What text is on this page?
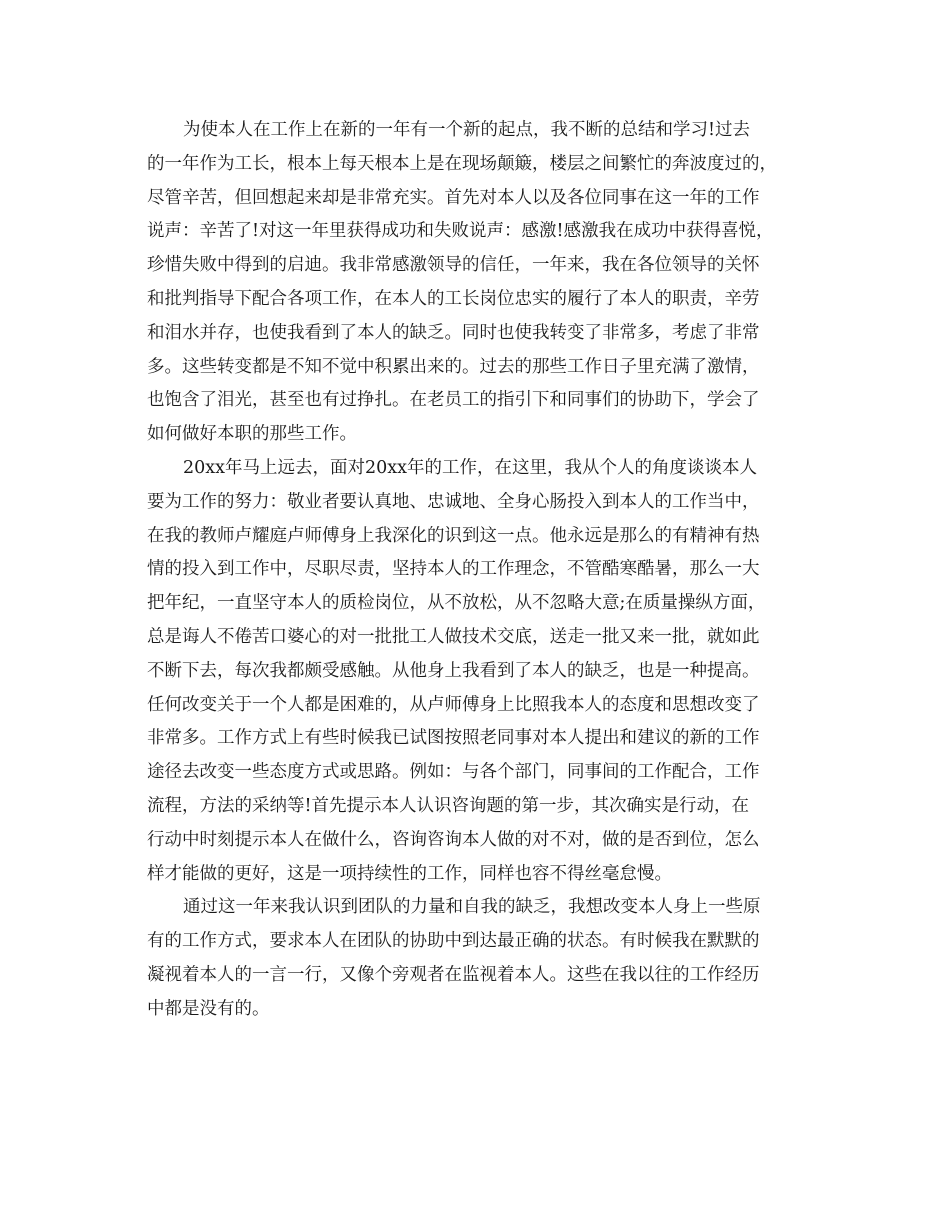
为使本人在工作上在新的一年有一个新的起点，我不断的总结和学习!过去
的一年作为工长，根本上每天根本上是在现场颠簸，楼层之间繁忙的奔波度过的，
尽管辛苦，但回想起来却是非常充实。首先对本人以及各位同事在这一年的工作
说声：辛苦了!对这一年里获得成功和失败说声：感激!感激我在成功中获得喜悦，
珍惜失败中得到的启迪。我非常感激领导的信任，一年来，我在各位领导的关怀
和批判指导下配合各项工作，在本人的工长岗位忠实的履行了本人的职责，辛劳
和泪水并存，也使我看到了本人的缺乏。同时也使我转变了非常多，考虑了非常
多。这些转变都是不知不觉中积累出来的。过去的那些工作日子里充满了激情，
也饱含了泪光，甚至也有过挣扎。在老员工的指引下和同事们的协助下，学会了
如何做好本职的那些工作。
20xx年马上远去，面对20xx年的工作，在这里，我从个人的角度谈谈本人
要为工作的努力：敬业者要认真地、忠诚地、全身心肠投入到本人的工作当中，
在我的教师卢耀庭卢师傅身上我深化的识到这一点。他永远是那么的有精神有热
情的投入到工作中，尽职尽责，坚持本人的工作理念，不管酷寒酷暑，那么一大
把年纪，一直坚守本人的质检岗位，从不放松，从不忽略大意;在质量操纵方面，
总是诲人不倦苦口婆心的对一批批工人做技术交底，送走一批又来一批，就如此
不断下去，每次我都颇受感触。从他身上我看到了本人的缺乏，也是一种提高。
任何改变关于一个人都是困难的，从卢师傅身上比照我本人的态度和思想改变了
非常多。工作方式上有些时候我已试图按照老同事对本人提出和建议的新的工作
途径去改变一些态度方式或思路。例如：与各个部门，同事间的工作配合，工作
流程，方法的采纳等!首先提示本人认识咨询题的第一步，其次确实是行动，在
行动中时刻提示本人在做什么，咨询咨询本人做的对不对，做的是否到位，怎么
样才能做的更好，这是一项持续性的工作，同样也容不得丝毫怠慢。
通过这一年来我认识到团队的力量和自我的缺乏，我想改变本人身上一些原
有的工作方式，要求本人在团队的协助中到达最正确的状态。有时候我在默默的
凝视着本人的一言一行，又像个旁观者在监视着本人。这些在我以往的工作经历
中都是没有的。
